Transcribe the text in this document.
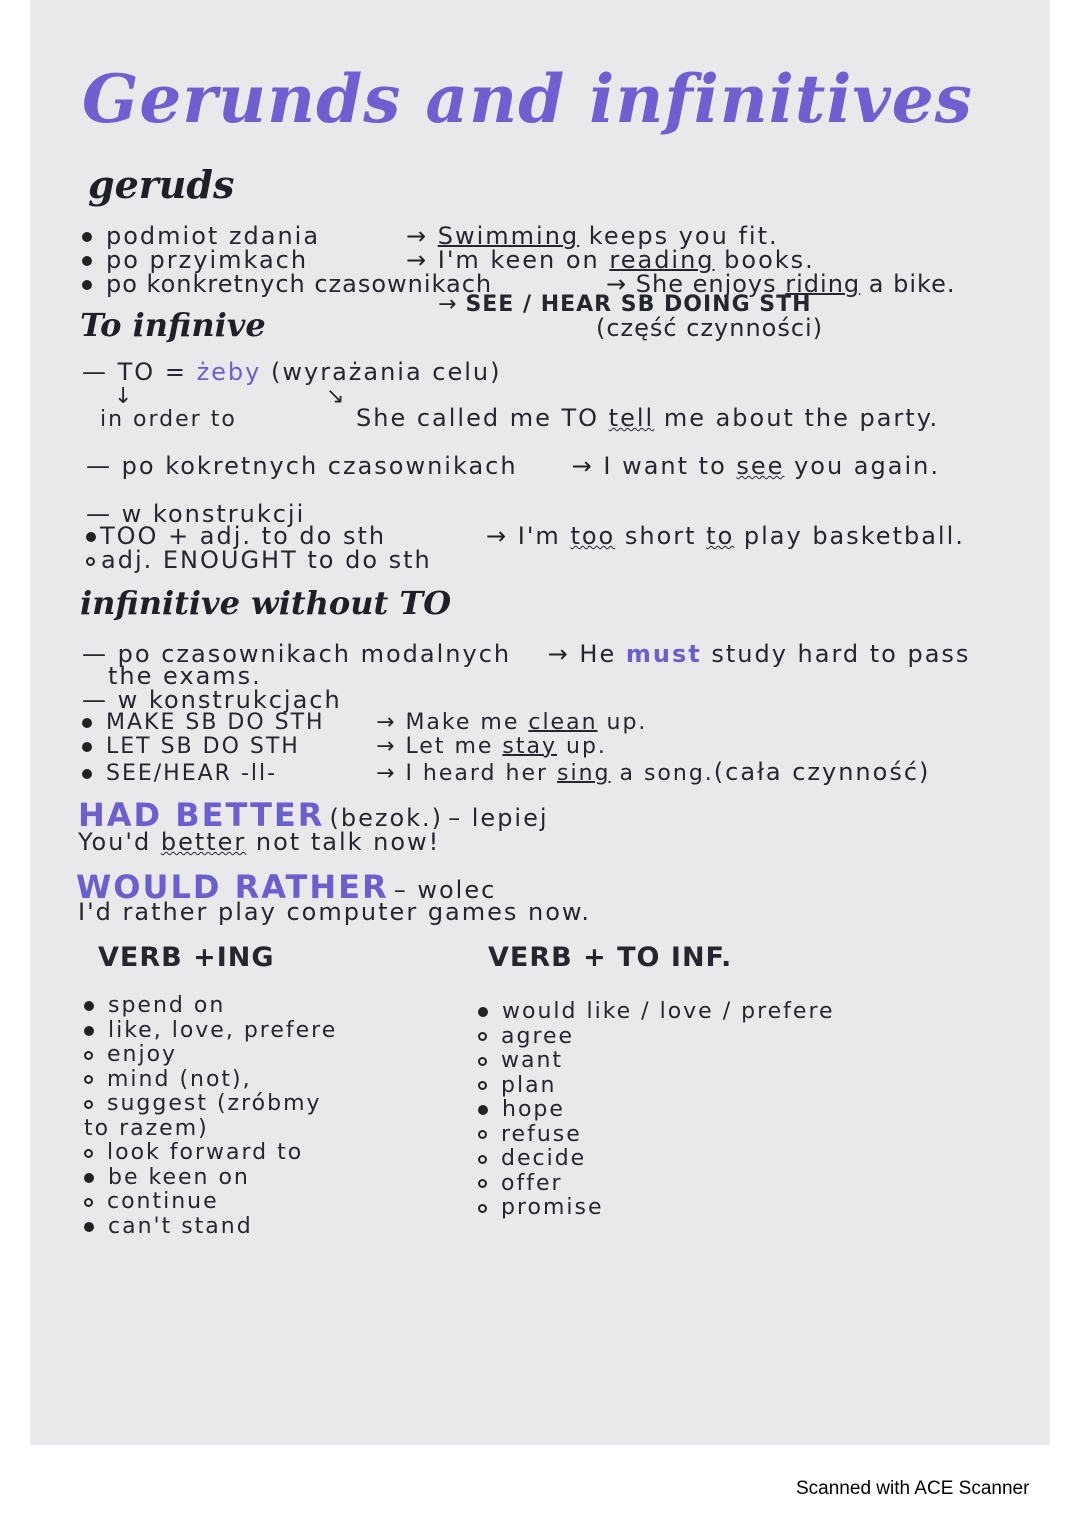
Gerunds and infinitives
geruds
podmiot zdania	→ Swimming keeps you fit.
po przyimkach	→ I'm keen on reading books.
po konkretnych czasownikach	→ She enjoys riding a bike.
→ SEE / HEAR SB DOING STH
(część czynności)
To infinive
— TO = żeby (wyrażania celu)
↓	↘
in order to	She called me TO tell me about the party.
— po kokretnych czasownikach → I want to see you again.
— w konstrukcji
TOO + adj. to do sth	→ I'm too short to play basketball.
adj. ENOUGHT to do sth
infinitive without TO
— po czasownikach modalnych → He must study hard to pass
the exams.
— w konstrukcjach
MAKE SB DO STH → Make me clean up.
LET SB DO STH	→ Let me stay up.
SEE/HEAR -ll-	→ I heard her sing a song.(cała czynność)
HAD BETTER (bezok.) – lepiej
You'd better not talk now!
WOULD RATHER – wolec
I'd rather play computer games now.
VERB +ING
spend on
like, love, prefere
enjoy
mind (not),
suggest (zróbmy
to razem)
look forward to
be keen on
continue
can't stand
VERB + TO INF.
would like / love / prefere
agree
want
plan
hope
refuse
decide
offer
promise
Scanned with ACE Scanner
